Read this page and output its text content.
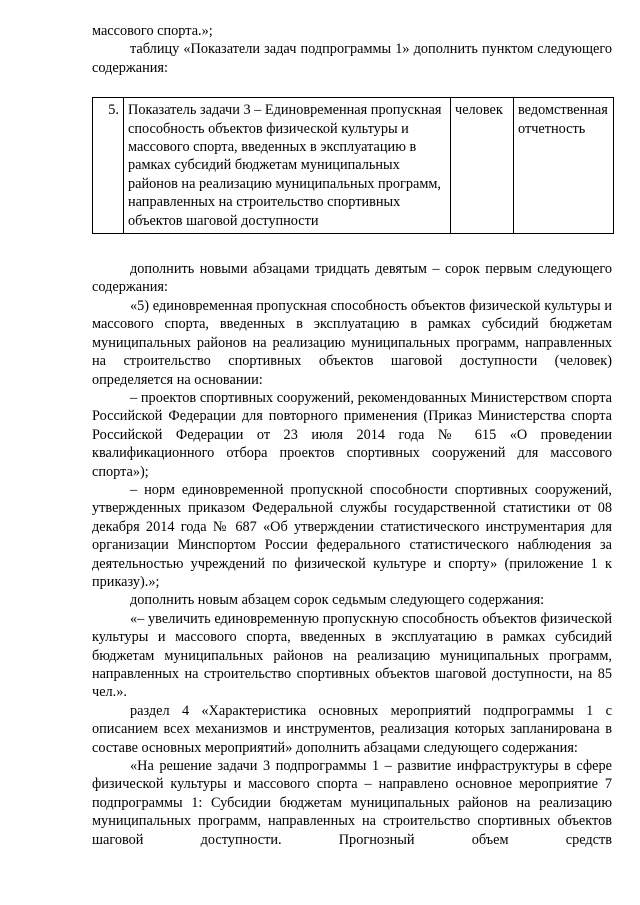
массового спорта.»;

таблицу «Показатели задач подпрограммы 1» дополнить пунктом следующего содержания:

5.	Показатель задачи 3 – Единовременная пропускная способность объектов физической культуры и массового спорта, введенных в эксплуатацию в рамках субсидий бюджетам муниципальных районов на реализацию муниципальных программ, направленных на строительство спортивных объектов шаговой доступности	человек	ведомственная отчетность

дополнить новыми абзацами тридцать девятым – сорок первым следующего содержания:

«5) единовременная пропускная способность объектов физической культуры и массового спорта, введенных в эксплуатацию в рамках субсидий бюджетам муниципальных районов на реализацию муниципальных программ, направленных на строительство спортивных объектов шаговой доступности (человек) определяется на основании:

– проектов спортивных сооружений, рекомендованных Министерством спорта Российской Федерации для повторного применения (Приказ Министерства спорта Российской Федерации от 23 июля 2014 года № 615 «О проведении квалификационного отбора проектов спортивных сооружений для массового спорта»);

– норм единовременной пропускной способности спортивных сооружений, утвержденных приказом Федеральной службы государственной статистики от 08 декабря 2014 года № 687 «Об утверждении статистического инструментария для организации Минспортом России федерального статистического наблюдения за деятельностью учреждений по физической культуре и спорту» (приложение 1 к приказу).»;

дополнить новым абзацем сорок седьмым следующего содержания:

«– увеличить единовременную пропускную способность объектов физической культуры и массового спорта, введенных в эксплуатацию в рамках субсидий бюджетам муниципальных районов на реализацию муниципальных программ, направленных на строительство спортивных объектов шаговой доступности, на 85 чел.».

раздел 4 «Характеристика основных мероприятий подпрограммы 1 с описанием всех механизмов и инструментов, реализация которых запланирована в составе основных мероприятий» дополнить абзацами следующего содержания:

«На решение задачи 3 подпрограммы 1 – развитие инфраструктуры в сфере физической культуры и массового спорта – направлено основное мероприятие 7 подпрограммы 1: Субсидии бюджетам муниципальных районов на реализацию муниципальных программ, направленных на строительство спортивных объектов шаговой доступности. Прогнозный объем средств
